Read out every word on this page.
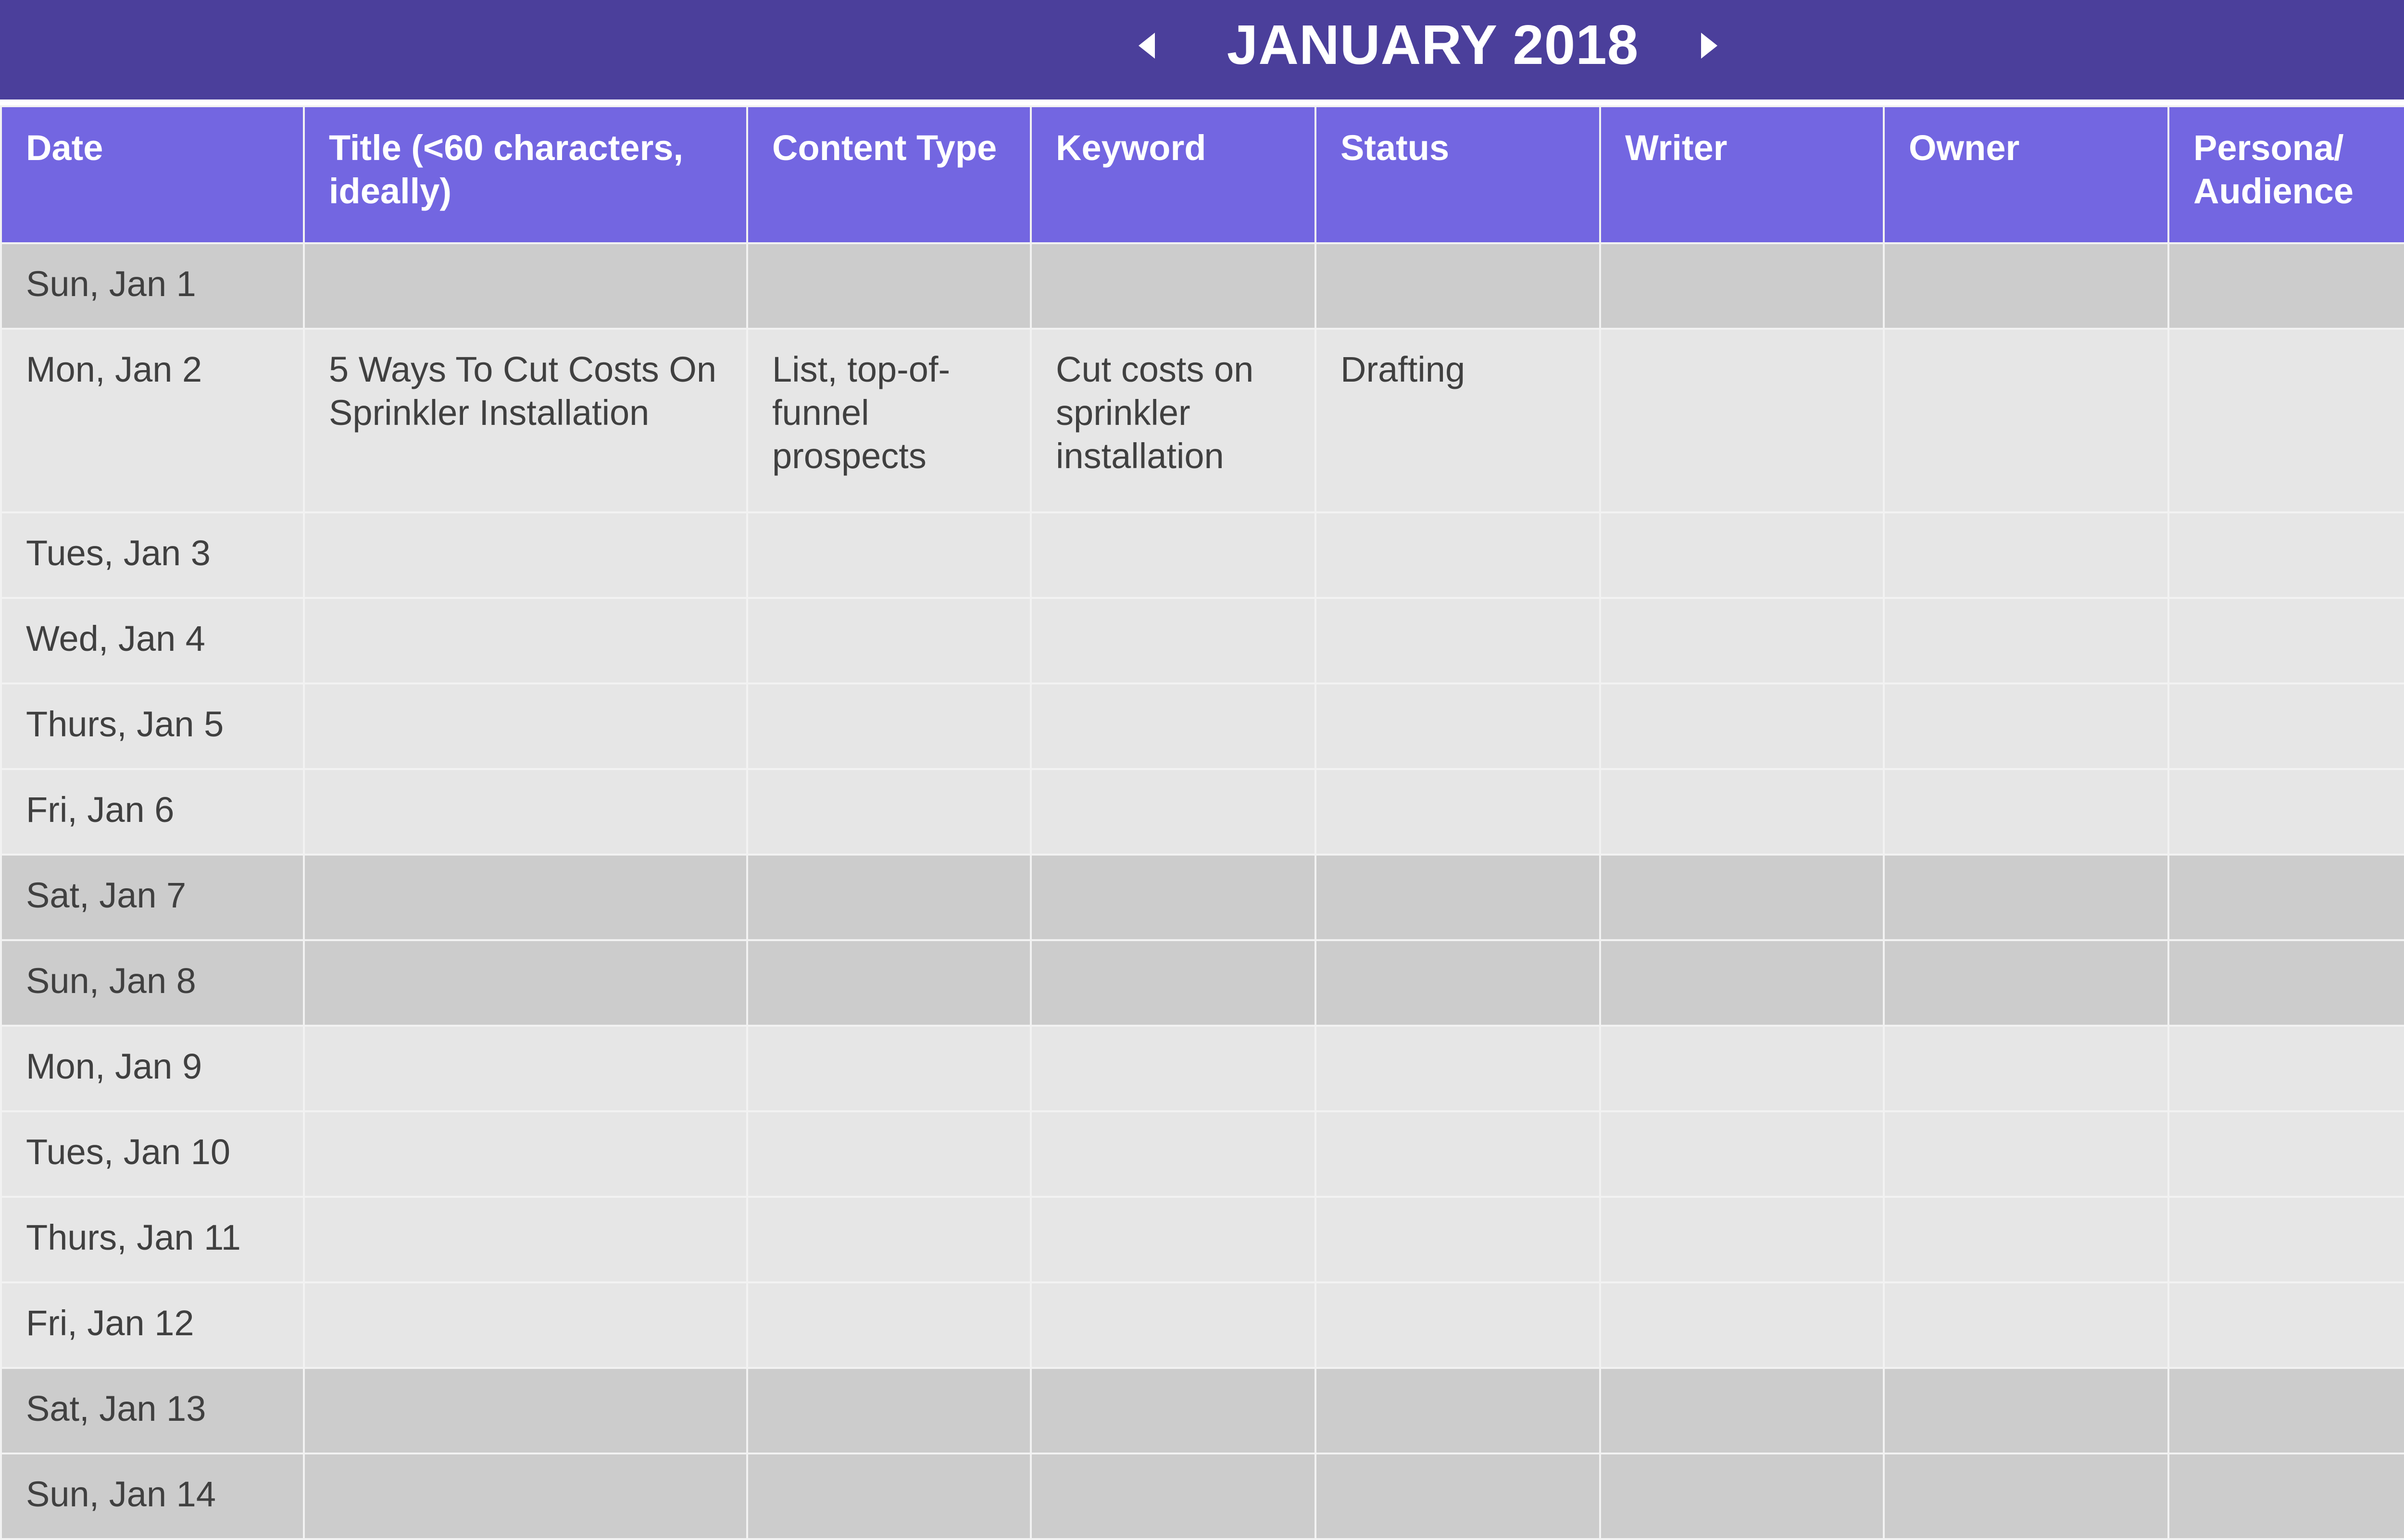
JANUARY 2018
Date	Title (<60 characters, ideally)	Content Type	Keyword	Status	Writer	Owner	Persona/ Audience	
Sun, Jan 1								
Mon, Jan 2	5 Ways To Cut Costs On Sprinkler Installation	List, top-of-funnel prospects	Cut costs on sprinkler installation	Drafting				
Tues, Jan 3								
Wed, Jan 4								
Thurs, Jan 5								
Fri, Jan 6								
Sat, Jan 7								
Sun, Jan 8								
Mon, Jan 9								
Tues, Jan 10								
Thurs, Jan 11								
Fri, Jan 12								
Sat, Jan 13								
Sun, Jan 14								
